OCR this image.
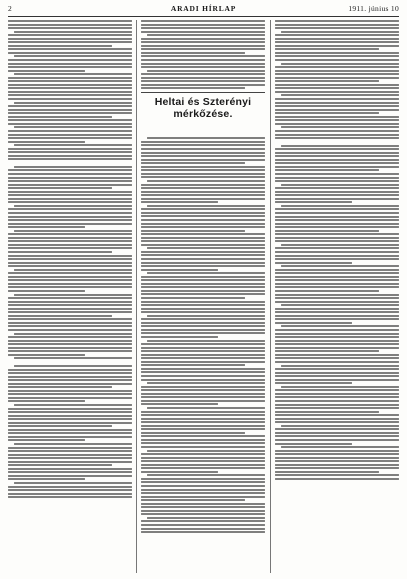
2	ARADI HÍRLAP	1911. június 10
Heltai és Szterényi
mérkőzése.
